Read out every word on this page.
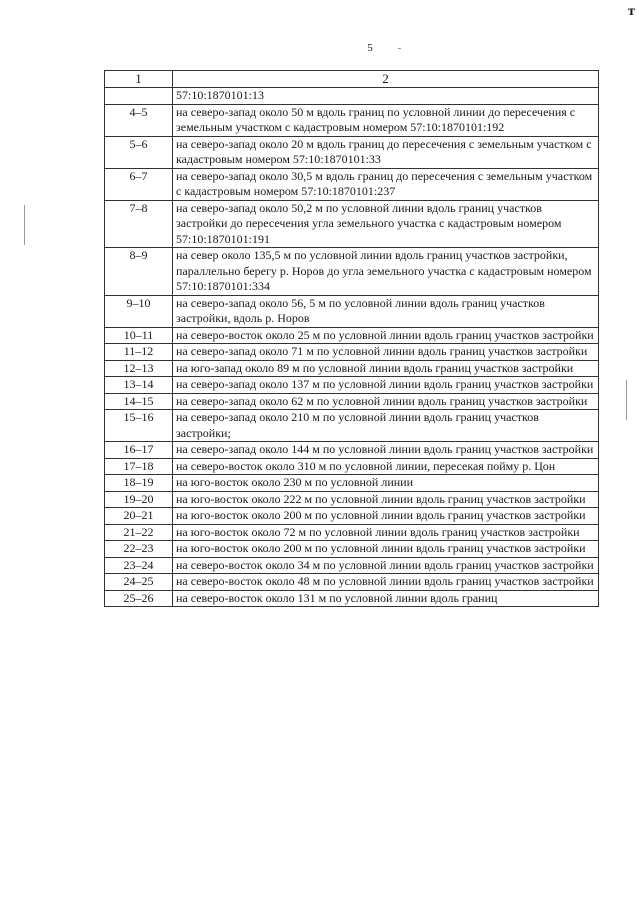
5
т
1	2
	57:10:1870101:13
4–5	на северо-запад около 50 м вдоль границ по условной линии до пересечения с земельным участком с кадастровым номером 57:10:1870101:192
5–6	на северо-запад около 20 м вдоль границ до пересечения с земельным участком с кадастровым номером 57:10:1870101:33
6–7	на северо-запад около 30,5 м вдоль границ до пересечения с земельным участком с кадастровым номером 57:10:1870101:237
7–8	на северо-запад около 50,2 м по условной линии вдоль границ участков застройки до пересечения угла земельного участка с кадастровым номером 57:10:1870101:191
8–9	на север около 135,5 м по условной линии вдоль границ участков застройки, параллельно берегу р. Норов до угла земельного участка с кадастровым номером 57:10:1870101:334
9–10	на северо-запад около 56, 5 м по условной линии вдоль границ участков застройки, вдоль р. Норов
10–11	на северо-восток около 25 м по условной линии вдоль границ участков застройки
11–12	на северо-запад около 71 м по условной линии вдоль границ участков застройки
12–13	на юго-запад около 89 м по условной линии вдоль границ участков застройки
13–14	на северо-запад около 137 м по условной линии вдоль границ участков застройки
14–15	на северо-запад около 62 м по условной линии вдоль границ участков застройки
15–16	на северо-запад около 210 м по условной линии вдоль границ участков застройки;
16–17	на северо-запад около 144 м по условной линии вдоль границ участков застройки
17–18	на северо-восток около 310 м по условной линии, пересекая пойму р. Цон
18–19	на юго-восток около 230 м по условной линии
19–20	на юго-восток около 222 м по условной линии вдоль границ участков застройки
20–21	на юго-восток около 200 м по условной линии вдоль границ участков застройки
21–22	на юго-восток около 72 м по условной линии вдоль границ участков застройки
22–23	на юго-восток около 200 м по условной линии вдоль границ участков застройки
23–24	на северо-восток около 34 м по условной линии вдоль границ участков застройки
24–25	на северо-восток около 48 м по условной линии вдоль границ участков застройки
25–26	на северо-восток около 131 м по условной линии вдоль границ
